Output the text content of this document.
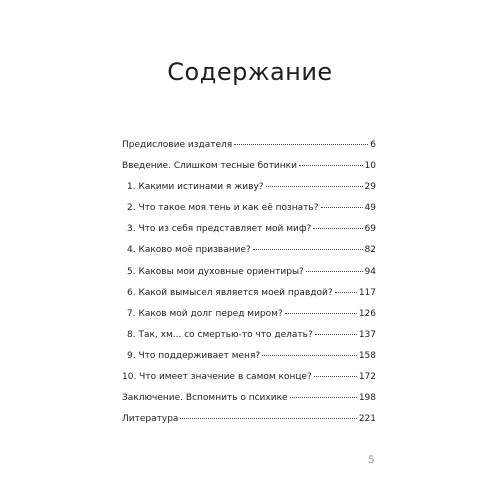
Содержание
Предисловие издателя	6
Введение. Слишком тесные ботинки	10
1. Какими истинами я живу?	29
2. Что такое моя тень и как её познать?	49
3. Что из себя представляет мой миф?	69
4. Каково моё призвание?	82
5. Каковы мои духовные ориентиры?	94
6. Какой вымысел является моей правдой?	117
7. Каков мой долг перед миром?	126
8. Так, хм... со смертью-то что делать?	137
9. Что поддерживает меня?	158
10. Что имеет значение в самом конце?	172
Заключение. Вспомнить о психике	198
Литература	221
5
